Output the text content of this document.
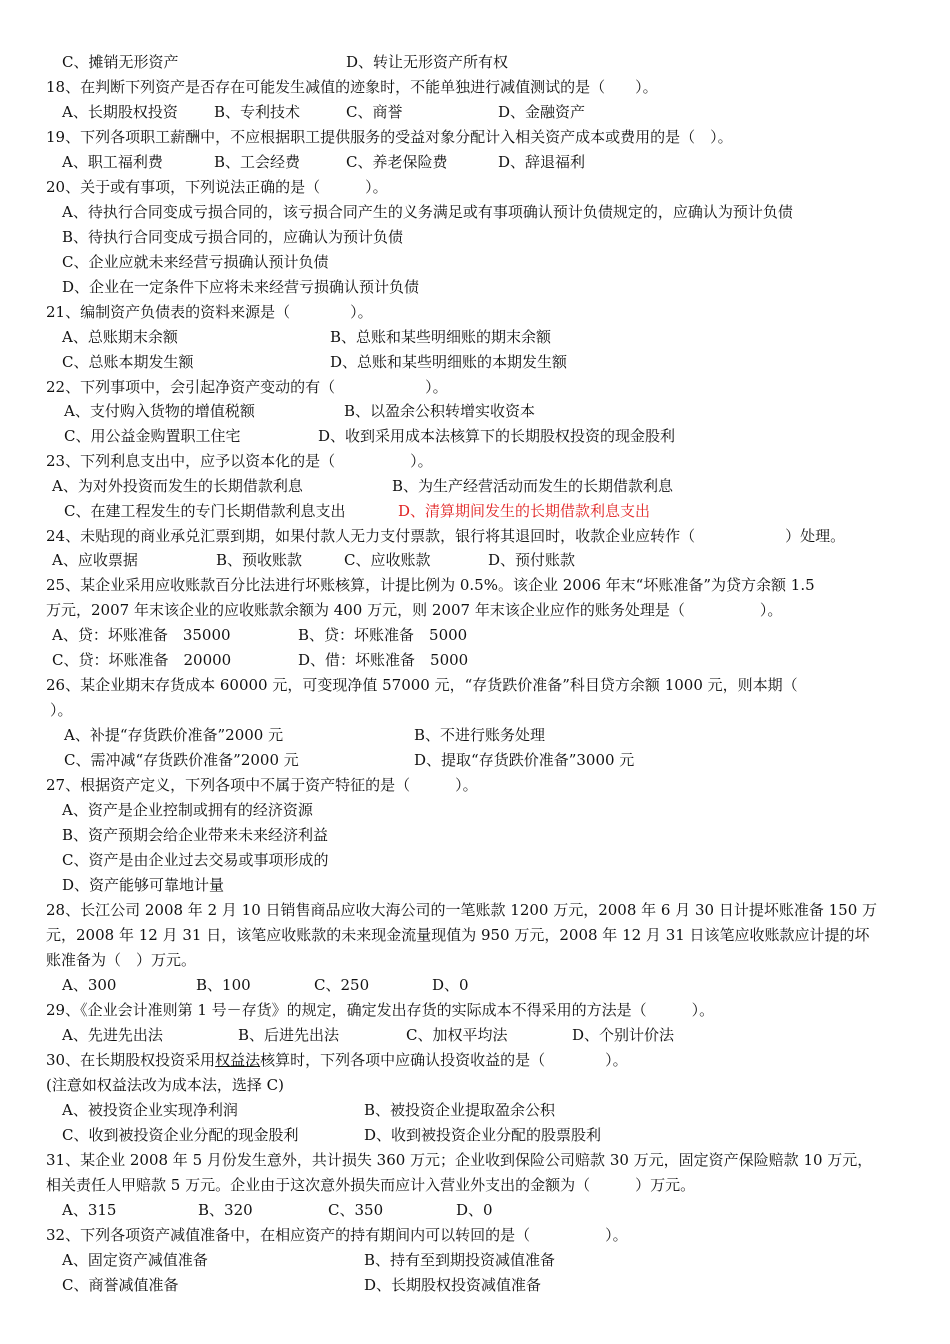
C、摊销无形资产	D、转让无形资产所有权
18、在判断下列资产是否存在可能发生减值的迹象时，不能单独进行减值测试的是（　　）。
A、长期股权投资 B、专利技术	C、商誉	D、金融资产
19、下列各项职工薪酬中，不应根据职工提供服务的受益对象分配计入相关资产成本或费用的是（　）。
A、职工福利费	B、工会经费	C、养老保险费	D、辞退福利
20、关于或有事项，下列说法正确的是（　　　）。
A、待执行合同变成亏损合同的，该亏损合同产生的义务满足或有事项确认预计负债规定的，应确认为预计负债
B、待执行合同变成亏损合同的，应确认为预计负债
C、企业应就未来经营亏损确认预计负债
D、企业在一定条件下应将未来经营亏损确认预计负债
21、编制资产负债表的资料来源是（　　　　）。
A、总账期末余额	B、总账和某些明细账的期末余额
C、总账本期发生额	D、总账和某些明细账的本期发生额
22、下列事项中，会引起净资产变动的有（　　　　　　）。
A、支付购入货物的增值税额	B、以盈余公积转增实收资本
C、用公益金购置职工住宅	D、收到采用成本法核算下的长期股权投资的现金股利
23、下列利息支出中，应予以资本化的是（　　　　　）。
A、为对外投资而发生的长期借款利息	B、为生产经营活动而发生的长期借款利息
C、在建工程发生的专门长期借款利息支出	D、清算期间发生的长期借款利息支出
24、未贴现的商业承兑汇票到期，如果付款人无力支付票款，银行将其退回时，收款企业应转作（　　　　　　）处理。
A、应收票据	B、预收账款	C、应收账款	D、预付账款
25、某企业采用应收账款百分比法进行坏账核算，计提比例为 0.5%。该企业 2006 年末“坏账准备”为贷方余额 1.5
万元，2007 年末该企业的应收账款余额为 400 万元，则 2007 年末该企业应作的账务处理是（　　　　　）。
A、贷：坏账准备　35000	B、贷：坏账准备　5000
C、贷：坏账准备　20000	D、借：坏账准备　5000
26、某企业期末存货成本 60000 元，可变现净值 57000 元，“存货跌价准备”科目贷方余额 1000 元，则本期（
）。
A、补提“存货跌价准备”2000 元	B、不进行账务处理
C、需冲减“存货跌价准备”2000 元	D、提取“存货跌价准备”3000 元
27、根据资产定义，下列各项中不属于资产特征的是（　　　）。
A、资产是企业控制或拥有的经济资源
B、资产预期会给企业带来未来经济利益
C、资产是由企业过去交易或事项形成的
D、资产能够可靠地计量
28、长江公司 2008 年 2 月 10 日销售商品应收大海公司的一笔账款 1200 万元，2008 年 6 月 30 日计提坏账准备 150 万
元，2008 年 12 月 31 日，该笔应收账款的未来现金流量现值为 950 万元，2008 年 12 月 31 日该笔应收账款应计提的坏
账准备为（　）万元。
A、300	B、100	C、250	D、0
29、《企业会计准则第 1 号－存货》的规定，确定发出存货的实际成本不得采用的方法是（　　　）。
A、先进先出法	B、后进先出法	C、加权平均法	D、个别计价法
30、在长期股权投资采用权益法核算时，下列各项中应确认投资收益的是（　　　　）。
(注意如权益法改为成本法，选择 C)
A、被投资企业实现净利润	B、被投资企业提取盈余公积
C、收到被投资企业分配的现金股利	D、收到被投资企业分配的股票股利
31、某企业 2008 年 5 月份发生意外，共计损失 360 万元；企业收到保险公司赔款 30 万元，固定资产保险赔款 10 万元，
相关责任人甲赔款 5 万元。企业由于这次意外损失而应计入营业外支出的金额为（　　　）万元。
A、315	B、320	C、350	D、0
32、下列各项资产减值准备中，在相应资产的持有期间内可以转回的是（　　　　　）。
A、固定资产减值准备	B、持有至到期投资减值准备
C、商誉减值准备	D、长期股权投资减值准备
